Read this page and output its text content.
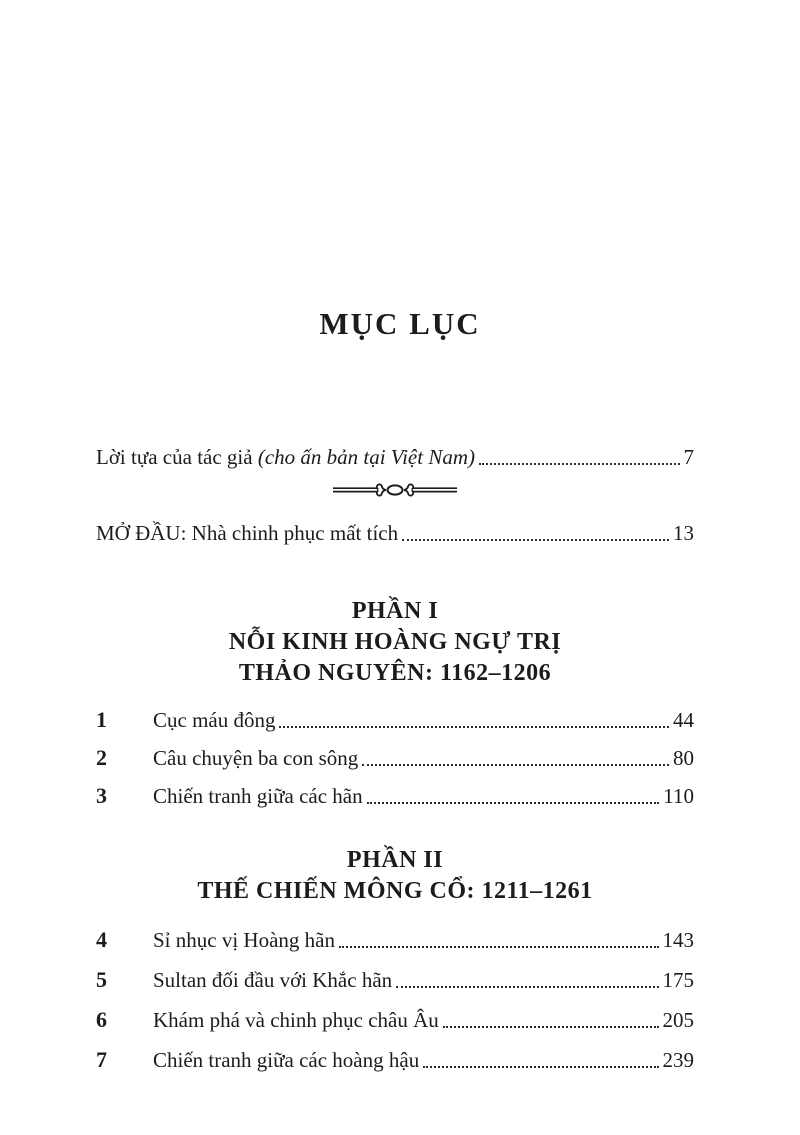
MỤC LỤC
Lời tựa của tác giả (cho ấn bản tại Việt Nam)	7
MỞ ĐẦU: Nhà chinh phục mất tích	13
PHẦN I
NỖI KINH HOÀNG NGỰ TRỊ
THẢO NGUYÊN: 1162–1206
1	Cục máu đông	44
2	Câu chuyện ba con sông	80
3	Chiến tranh giữa các hãn	110
PHẦN II
THẾ CHIẾN MÔNG CỔ: 1211–1261
4	Sỉ nhục vị Hoàng hãn	143
5	Sultan đối đầu với Khắc hãn	175
6	Khám phá và chinh phục châu Âu	205
7	Chiến tranh giữa các hoàng hậu	239
